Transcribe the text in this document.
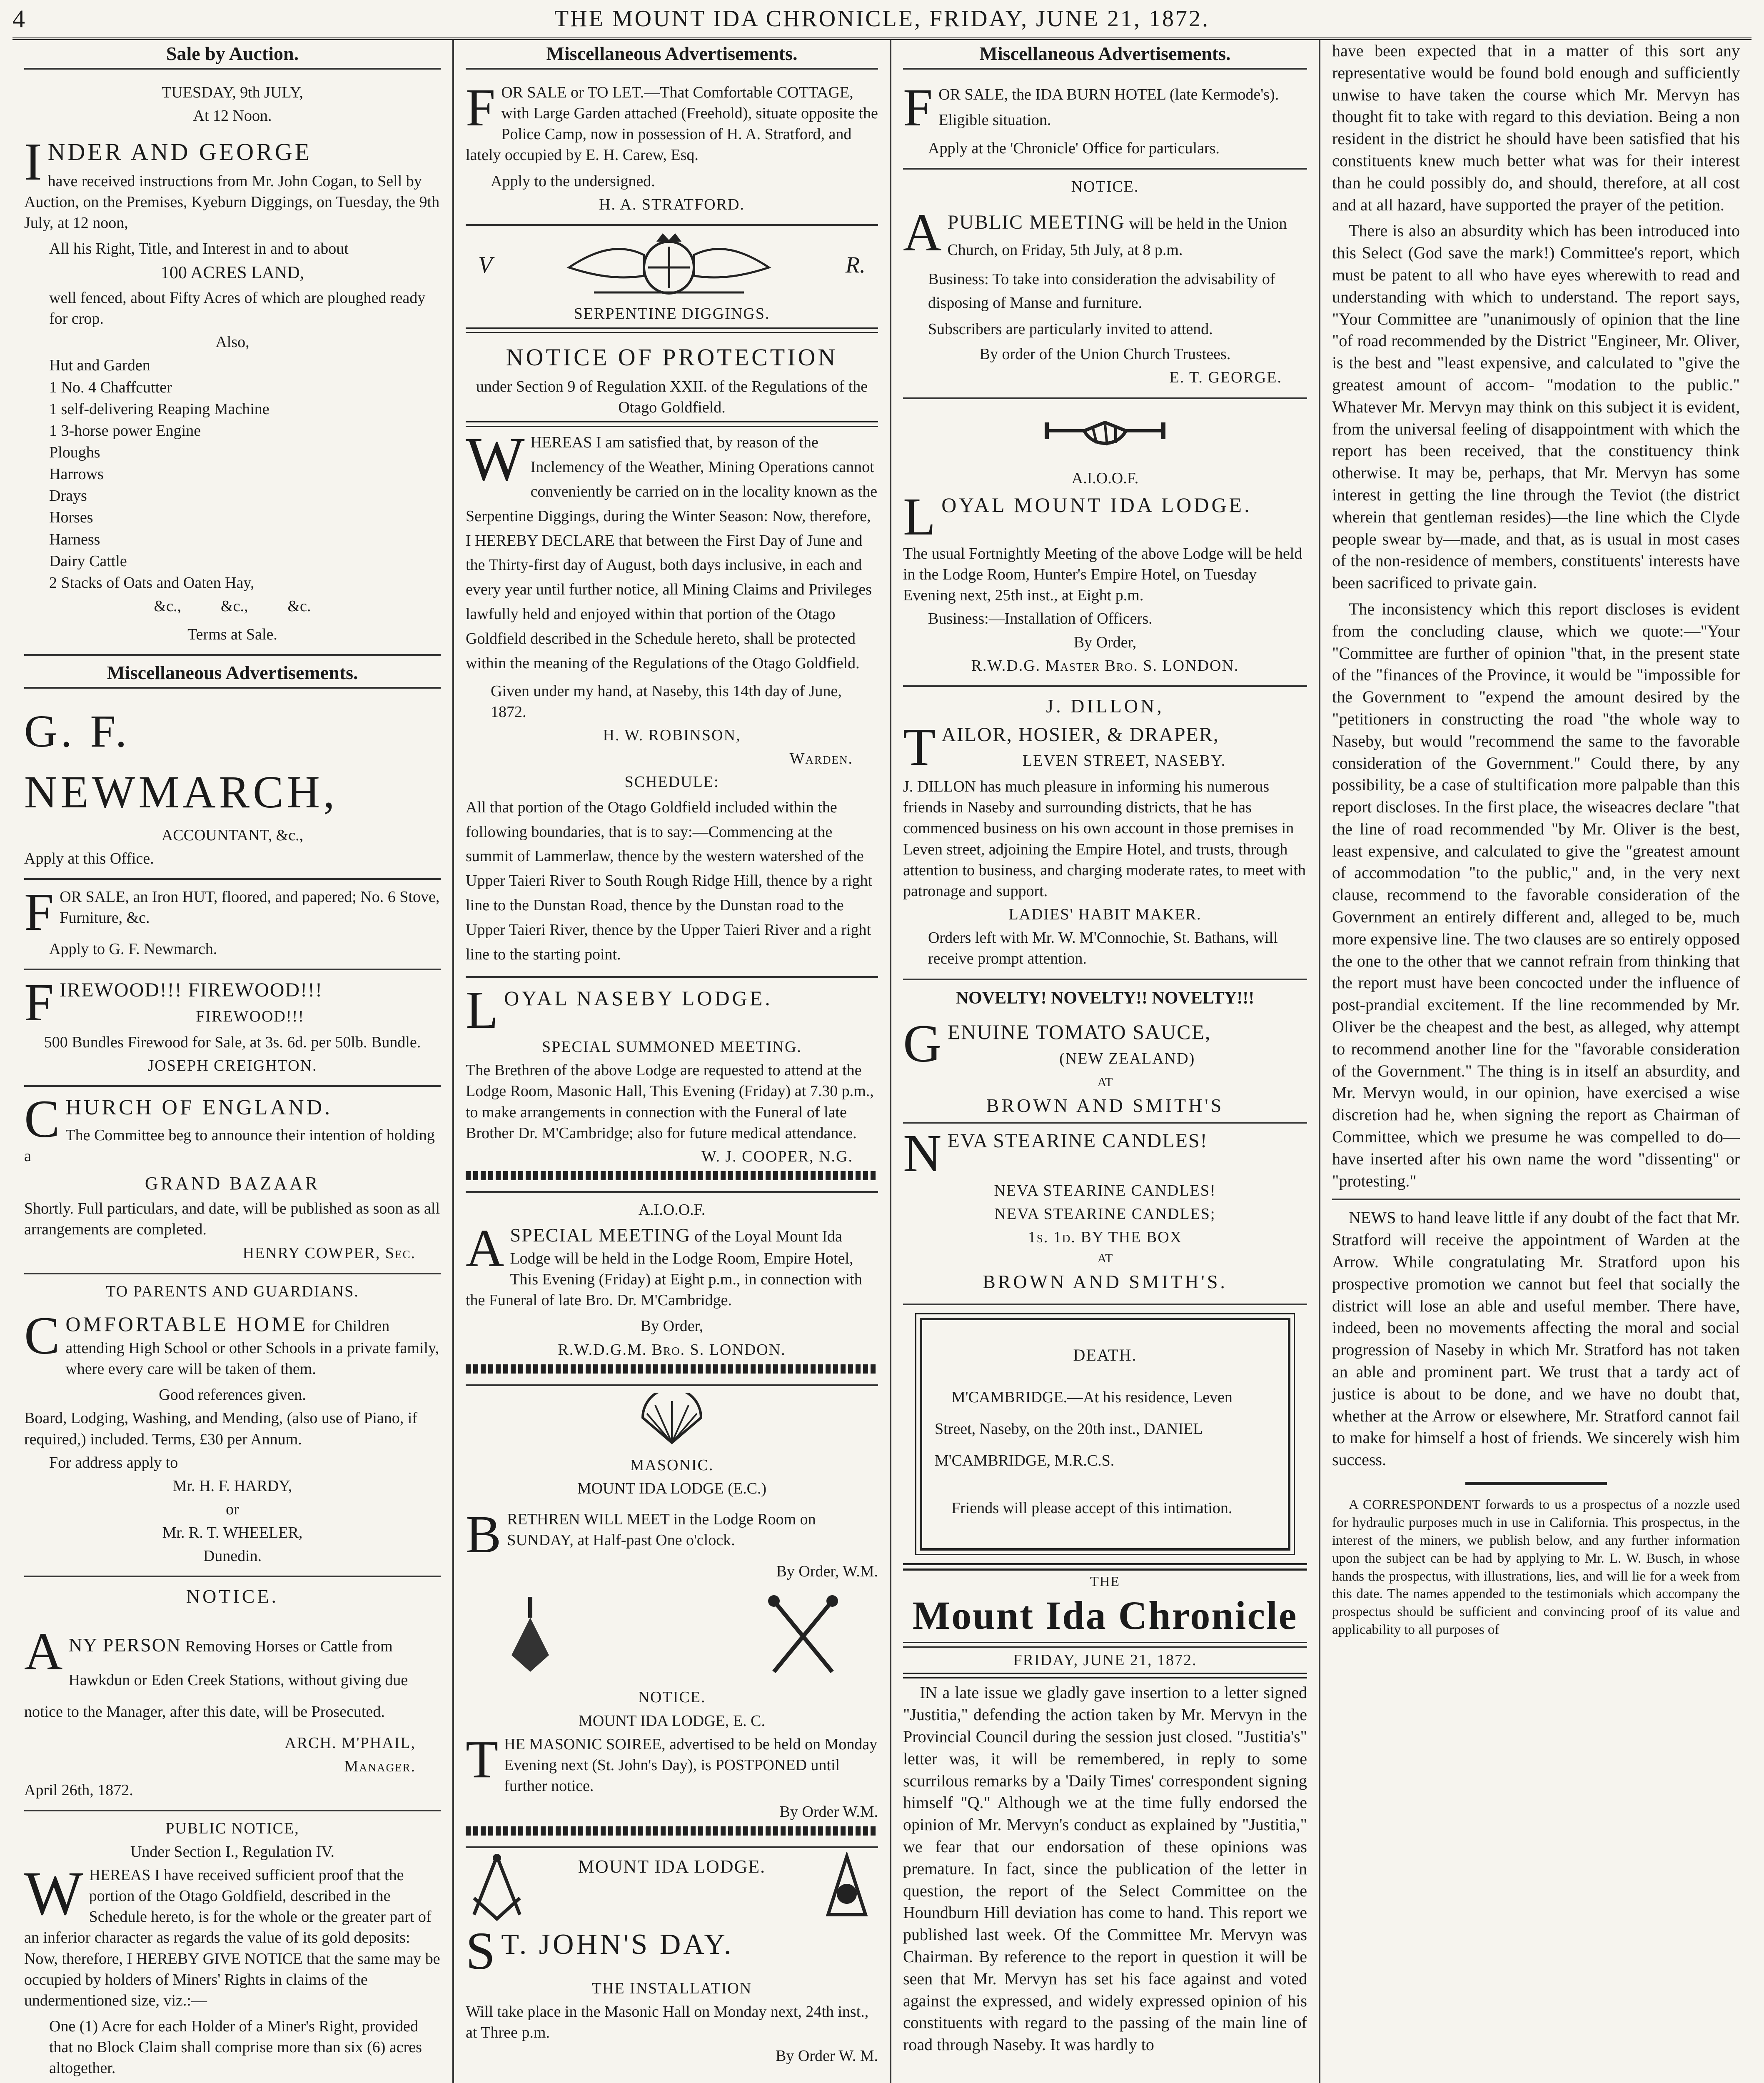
4	THE MOUNT IDA CHRONICLE, FRIDAY, JUNE 21, 1872.
Sale by Auction.

TUESDAY, 9th JULY,

At 12 Noon.

INDER AND GEORGE

have received instructions from Mr. John Cogan, to Sell by Auction, on the Premises, Kyeburn Diggings, on Tuesday, the 9th July, at 12 noon,

All his Right, Title, and Interest in and to about

100 ACRES LAND,

well fenced, about Fifty Acres of which are ploughed ready for crop.

Also,

Hut and Garden

1 No. 4 Chaffcutter

1 self-delivering Reaping Machine

1 3-horse power Engine

Ploughs

Harrows

Drays

Horses

Harness

Dairy Cattle

2 Stacks of Oats and Oaten Hay,

&c.,          &c.,          &c.

Terms at Sale.

Miscellaneous Advertisements.

G. F. NEWMARCH,

ACCOUNTANT, &c.,

Apply at this Office.

FOR SALE, an Iron HUT, floored, and papered; No. 6 Stove, Furniture, &c.

Apply to G. F. Newmarch.

FIREWOOD!!! FIREWOOD!!!

FIREWOOD!!!

500 Bundles Firewood for Sale, at 3s. 6d. per 50lb. Bundle.

JOSEPH CREIGHTON.

CHURCH OF ENGLAND.

The Committee beg to announce their intention of holding a

GRAND BAZAAR

Shortly. Full particulars, and date, will be published as soon as all arrangements are completed.

HENRY COWPER, Sec.

TO PARENTS AND GUARDIANS.

COMFORTABLE HOME for Children attending High School or other Schools in a private family, where every care will be taken of them.

Good references given.

Board, Lodging, Washing, and Mending, (also use of Piano, if required,) included. Terms, £30 per Annum.

For address apply to

Mr. H. F. HARDY,

or

Mr. R. T. WHEELER,

Dunedin.

NOTICE.

ANY PERSON Removing Horses or Cattle from Hawkdun or Eden Creek Stations, without giving due notice to the Manager, after this date, will be Prosecuted.

ARCH. M'PHAIL,

Manager.

April 26th, 1872.

PUBLIC NOTICE,

Under Section I., Regulation IV.

WHEREAS I have received sufficient proof that the portion of the Otago Goldfield, described in the Schedule hereto, is for the whole or the greater part of an inferior character as regards the value of its gold deposits: Now, therefore, I HEREBY GIVE NOTICE that the same may be occupied by holders of Miners' Rights in claims of the undermentioned size, viz.:—

One (1) Acre for each Holder of a Miner's Right, provided that no Block Claim shall comprise more than six (6) acres altogether.

Miscellaneous Advertisements.

FOR SALE or TO LET.—That Comfortable COTTAGE, with Large Garden attached (Freehold), situate opposite the Police Camp, now in possession of H. A. Stratford, and lately occupied by E. H. Carew, Esq.

Apply to the undersigned.

H. A. STRATFORD.

V	R.

SERPENTINE DIGGINGS.

NOTICE OF PROTECTION

under Section 9 of Regulation XXII. of the Regulations of the Otago Goldfield.

WHEREAS I am satisfied that, by reason of the Inclemency of the Weather, Mining Operations cannot conveniently be carried on in the locality known as the Serpentine Diggings, during the Winter Season: Now, therefore, I HEREBY DECLARE that between the First Day of June and the Thirty-first day of August, both days inclusive, in each and every year until further notice, all Mining Claims and Privileges lawfully held and enjoyed within that portion of the Otago Goldfield described in the Schedule hereto, shall be protected within the meaning of the Regulations of the Otago Goldfield.

Given under my hand, at Naseby, this 14th day of June, 1872.

H. W. ROBINSON,

Warden.

SCHEDULE:

All that portion of the Otago Goldfield included within the following boundaries, that is to say:—Commencing at the summit of Lammerlaw, thence by the western watershed of the Upper Taieri River to South Rough Ridge Hill, thence by a right line to the Dunstan Road, thence by the Dunstan road to the Upper Taieri River, thence by the Upper Taieri River and a right line to the starting point.

LOYAL NASEBY LODGE.

SPECIAL SUMMONED MEETING.

The Brethren of the above Lodge are requested to attend at the Lodge Room, Masonic Hall, This Evening (Friday) at 7.30 p.m., to make arrangements in connection with the Funeral of late Brother Dr. M'Cambridge; also for future medical attendance.

W. J. COOPER, N.G.

A.I.O.O.F.

ASPECIAL MEETING of the Loyal Mount Ida Lodge will be held in the Lodge Room, Empire Hotel, This Evening (Friday) at Eight p.m., in connection with the Funeral of late Bro. Dr. M'Cambridge.

By Order,

R.W.D.G.M. Bro. S. LONDON.

MASONIC.

MOUNT IDA LODGE (E.C.)

BRETHREN WILL MEET in the Lodge Room on SUNDAY, at Half-past One o'clock.

By Order, W.M.

NOTICE.

MOUNT IDA LODGE, E. C.

THE MASONIC SOIREE, advertised to be held on Monday Evening next (St. John's Day), is POSTPONED until further notice.

By Order W.M.

MOUNT IDA LODGE.

S T. JOHN'S DAY.

THE INSTALLATION

Will take place in the Masonic Hall on Monday next, 24th inst., at Three p.m.

By Order W. M.

Miscellaneous Advertisements.

FOR SALE, the IDA BURN HOTEL (late Kermode's). Eligible situation.

Apply at the 'Chronicle' Office for particulars.

NOTICE.

APUBLIC MEETING will be held in the Union Church, on Friday, 5th July, at 8 p.m.

Business: To take into consideration the advisability of disposing of Manse and furniture.

Subscribers are particularly invited to attend.

By order of the Union Church Trustees.

E. T. GEORGE.

A.I.O.O.F.

LOYAL MOUNT IDA LODGE.

The usual Fortnightly Meeting of the above Lodge will be held in the Lodge Room, Hunter's Empire Hotel, on Tuesday Evening next, 25th inst., at Eight p.m.

Business:—Installation of Officers.

By Order,

R.W.D.G. Master Bro. S. LONDON.

J. DILLON,

TAILOR, HOSIER, & DRAPER,

LEVEN STREET, NASEBY.

J. DILLON has much pleasure in informing his numerous friends in Naseby and surrounding districts, that he has commenced business on his own account in those premises in Leven street, adjoining the Empire Hotel, and trusts, through attention to business, and charging moderate rates, to meet with patronage and support.

LADIES' HABIT MAKER.

Orders left with Mr. W. M'Connochie, St. Bathans, will receive prompt attention.

NOVELTY! NOVELTY!! NOVELTY!!!

GENUINE TOMATO SAUCE,

(NEW ZEALAND)

AT

BROWN AND SMITH'S

NEVA STEARINE CANDLES!

NEVA STEARINE CANDLES!

NEVA STEARINE CANDLES;

1s. 1d. BY THE BOX

AT

BROWN AND SMITH'S.

DEATH.

M'CAMBRIDGE.—At his residence, Leven Street, Naseby, on the 20th inst., DANIEL M'CAMBRIDGE, M.R.C.S.

Friends will please accept of this intimation.

THE

Mount Ida Chronicle

FRIDAY, JUNE 21, 1872.

IN a late issue we gladly gave insertion to a letter signed "Justitia," defending the action taken by Mr. Mervyn in the Provincial Council during the session just closed. "Justitia's" letter was, it will be remembered, in reply to some scurrilous remarks by a 'Daily Times' correspondent signing himself "Q." Although we at the time fully endorsed the opinion of Mr. Mervyn's conduct as explained by "Justitia," we fear that our endorsation of these opinions was premature. In fact, since the publication of the letter in question, the report of the Select Committee on the Houndburn Hill deviation has come to hand. This report we published last week. Of the Committee Mr. Mervyn was Chairman. By reference to the report in question it will be seen that Mr. Mervyn has set his face against and voted against the expressed, and widely expressed opinion of his constituents with regard to the passing of the main line of road through Naseby. It was hardly to

have been expected that in a matter of this sort any representative would be found bold enough and sufficiently unwise to have taken the course which Mr. Mervyn has thought fit to take with regard to this deviation. Being a non resident in the district he should have been satisfied that his constituents knew much better what was for their interest than he could possibly do, and should, therefore, at all cost and at all hazard, have supported the prayer of the petition.

There is also an absurdity which has been introduced into this Select (God save the mark!) Committee's report, which must be patent to all who have eyes wherewith to read and understanding with which to understand. The report says, "Your Committee are "unanimously of opinion that the line "of road recommended by the District "Engineer, Mr. Oliver, is the best and "least expensive, and calculated to "give the greatest amount of accom- "modation to the public." Whatever Mr. Mervyn may think on this subject it is evident, from the universal feeling of disappointment with which the report has been received, that the constituency think otherwise. It may be, perhaps, that Mr. Mervyn has some interest in getting the line through the Teviot (the district wherein that gentleman resides)—the line which the Clyde people swear by—made, and that, as is usual in most cases of the non-residence of members, constituents' interests have been sacrificed to private gain.

The inconsistency which this report discloses is evident from the concluding clause, which we quote:—"Your "Committee are further of opinion "that, in the present state of the "finances of the Province, it would be "impossible for the Government to "expend the amount desired by the "petitioners in constructing the road "the whole way to Naseby, but would "recommend the same to the favorable consideration of the Government." Could there, by any possibility, be a case of stultification more palpable than this report discloses. In the first place, the wiseacres declare "that the line of road recommended "by Mr. Oliver is the best, least expensive, and calculated to give the "greatest amount of accommodation "to the public," and, in the very next clause, recommend to the favorable consideration of the Government an entirely different and, alleged to be, much more expensive line. The two clauses are so entirely opposed the one to the other that we cannot refrain from thinking that the report must have been concocted under the influence of post-prandial excitement. If the line recommended by Mr. Oliver be the cheapest and the best, as alleged, why attempt to recommend another line for the "favorable consideration of the Government." The thing is in itself an absurdity, and Mr. Mervyn would, in our opinion, have exercised a wise discretion had he, when signing the report as Chairman of Committee, which we presume he was compelled to do—have inserted after his own name the word "dissenting" or "protesting."

NEWS to hand leave little if any doubt of the fact that Mr. Stratford will receive the appointment of Warden at the Arrow. While congratulating Mr. Stratford upon his prospective promotion we cannot but feel that socially the district will lose an able and useful member. There have, indeed, been no movements affecting the moral and social progression of Naseby in which Mr. Stratford has not taken an able and prominent part. We trust that a tardy act of justice is about to be done, and we have no doubt that, whether at the Arrow or elsewhere, Mr. Stratford cannot fail to make for himself a host of friends. We sincerely wish him success.

A CORRESPONDENT forwards to us a prospectus of a nozzle used for hydraulic purposes much in use in California. This prospectus, in the interest of the miners, we publish below, and any further information upon the subject can be had by applying to Mr. L. W. Busch, in whose hands the prospectus, with illustrations, lies, and will lie for a week from this date. The names appended to the testimonials which accompany the prospectus should be sufficient and convincing proof of its value and applicability to all purposes of
